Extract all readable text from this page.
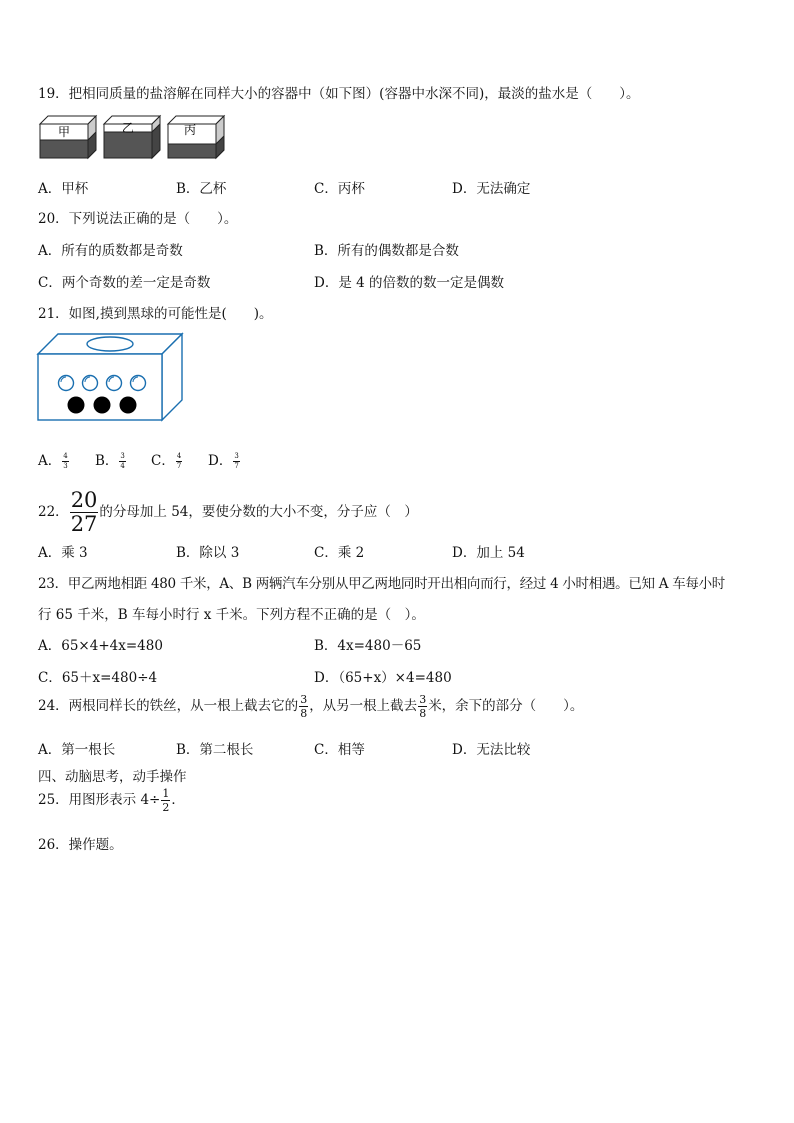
19．把相同质量的盐溶解在同样大小的容器中（如下图）(容器中水深不同)，最淡的盐水是（　　）。
甲	乙	丙
A．甲杯	B．乙杯	C．丙杯	D．无法确定
20．下列说法正确的是（　　）。
A．所有的质数都是奇数	B．所有的偶数都是合数
C．两个奇数的差一定是奇数	D．是 4 的倍数的数一定是偶数
21．如图,摸到黑球的可能性是(　　)。
A． $\frac{4}{3}$ B． $\frac{3}{4}$ C． $\frac{4}{7}$ D． $\frac{3}{7}$
22． $\frac{20}{27}$ 的分母加上 54，要使分数的大小不变，分子应（　）
A．乘 3	B．除以 3	C．乘 2	D．加上 54
23．甲乙两地相距 480 千米，A、B 两辆汽车分别从甲乙两地同时开出相向而行，经过 4 小时相遇。已知 A 车每小时
行 65 千米，B 车每小时行 x 千米。下列方程不正确的是（　）。
A．65×4+4x=480	B．4x=480－65
C．65＋x=480÷4	D．（65+x）×4=480
24．两根同样长的铁丝，从一根上截去它的 $\frac{3}{8}$ ，从另一根上截去 $\frac{3}{8}$ 米，余下的部分（　　）。
A．第一根长	B．第二根长	C．相等	D．无法比较
四、动脑思考，动手操作
25．用图形表示 $4\div \frac{1}{2}$ ．
26．操作题。
